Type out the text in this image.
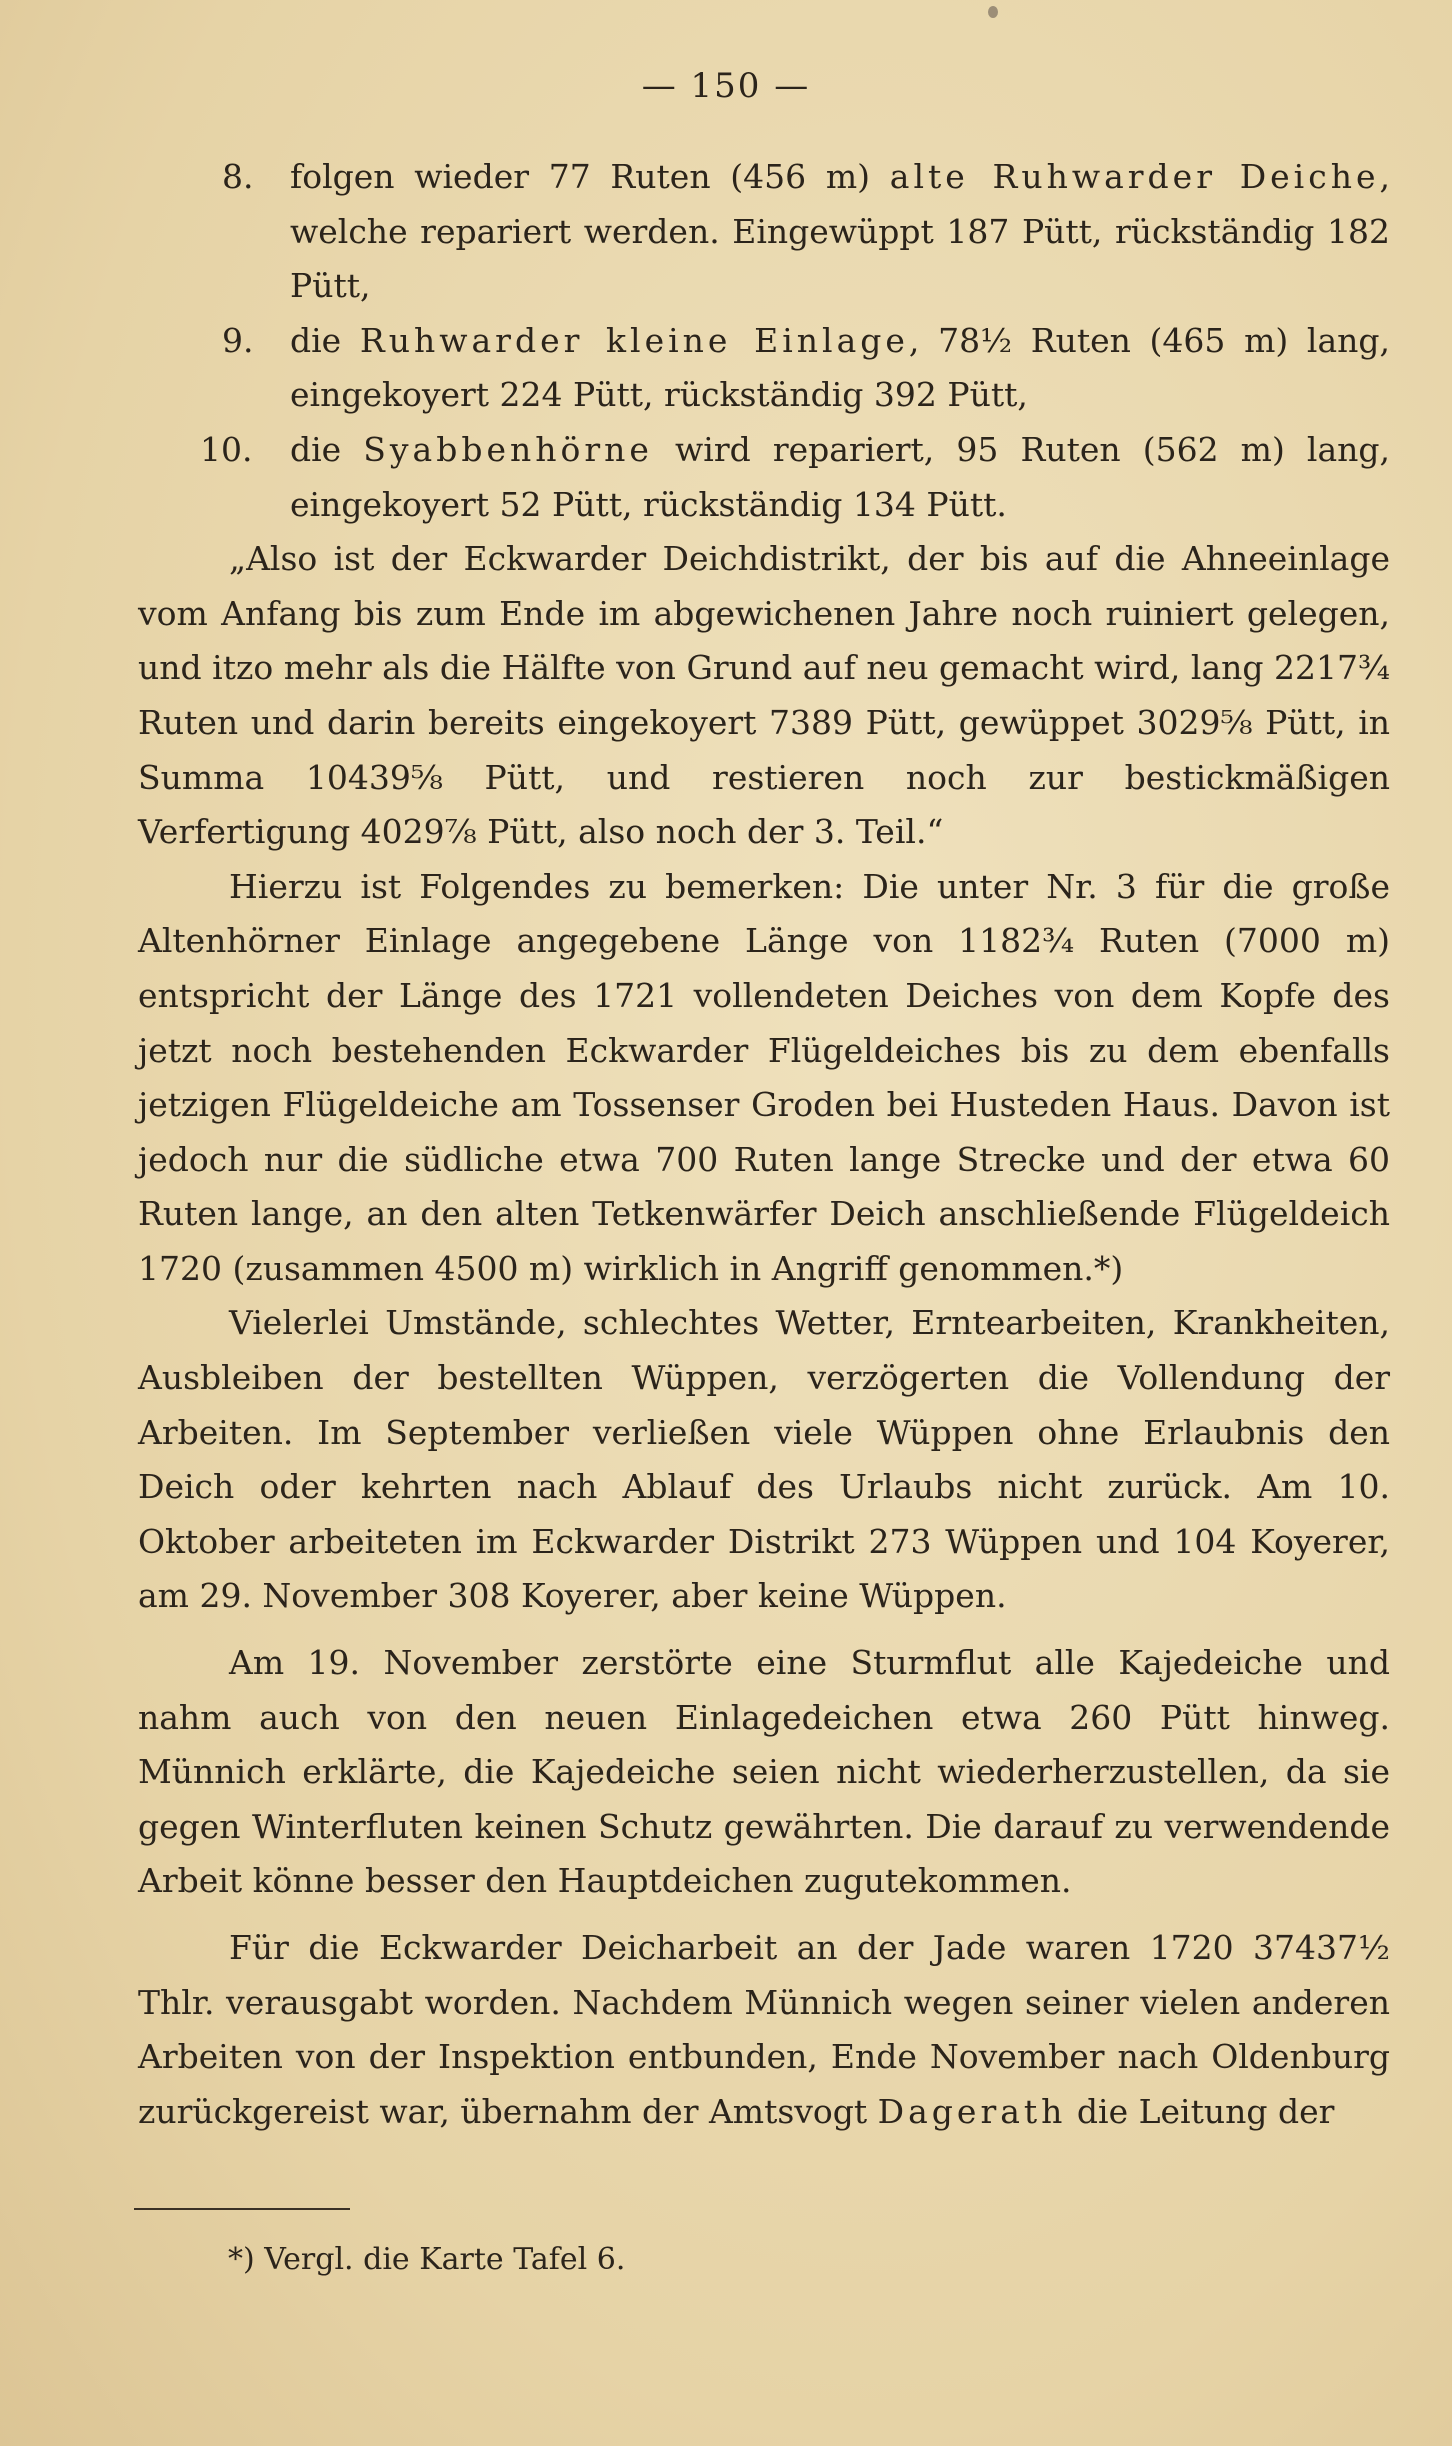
— 150 —

8.	folgen wieder 77 Ruten (456 m) alte Ruhwarder Deiche, welche repariert werden. Eingewüppt 187 Pütt, rückständig 182 Pütt,

9.	die Ruhwarder kleine Einlage, 78½ Ruten (465 m) lang, eingekoyert 224 Pütt, rückständig 392 Pütt,

10. die Syabbenhörne wird repariert, 95 Ruten (562 m) lang, eingekoyert 52 Pütt, rückständig 134 Pütt.

„Also ist der Eckwarder Deichdistrikt, der bis auf die Ahneeinlage vom Anfang bis zum Ende im abgewichenen Jahre noch ruiniert gelegen, und itzo mehr als die Hälfte von Grund auf neu gemacht wird, lang 2217¾ Ruten und darin bereits eingekoyert 7389 Pütt, gewüppet 3029⅝ Pütt, in Summa 10439⅝ Pütt, und restieren noch zur bestickmäßigen Verfertigung 4029⅞ Pütt, also noch der 3. Teil.“

Hierzu ist Folgendes zu bemerken: Die unter Nr. 3 für die große Altenhörner Einlage angegebene Länge von 1182¾ Ruten (7000 m) entspricht der Länge des 1721 vollendeten Deiches von dem Kopfe des jetzt noch bestehenden Eckwarder Flügeldeiches bis zu dem ebenfalls jetzigen Flügeldeiche am Tossenser Groden bei Husteden Haus. Davon ist jedoch nur die südliche etwa 700 Ruten lange Strecke und der etwa 60 Ruten lange, an den alten Tetkenwärfer Deich anschließende Flügeldeich 1720 (zusammen 4500 m) wirklich in Angriff genommen.*)

Vielerlei Umstände, schlechtes Wetter, Erntearbeiten, Krankheiten, Ausbleiben der bestellten Wüppen, verzögerten die Vollendung der Arbeiten. Im September verließen viele Wüppen ohne Erlaubnis den Deich oder kehrten nach Ablauf des Urlaubs nicht zurück. Am 10. Oktober arbeiteten im Eckwarder Distrikt 273 Wüppen und 104 Koyerer, am 29. November 308 Koyerer, aber keine Wüppen.

Am 19. November zerstörte eine Sturmflut alle Kajedeiche und nahm auch von den neuen Einlagedeichen etwa 260 Pütt hinweg. Münnich erklärte, die Kajedeiche seien nicht wiederherzustellen, da sie gegen Winterfluten keinen Schutz gewährten. Die darauf zu verwendende Arbeit könne besser den Hauptdeichen zugutekommen.

Für die Eckwarder Deicharbeit an der Jade waren 1720 37437½ Thlr. verausgabt worden. Nachdem Münnich wegen seiner vielen anderen Arbeiten von der Inspektion entbunden, Ende November nach Oldenburg zurückgereist war, übernahm der Amtsvogt Dagerath die Leitung der

*) Vergl. die Karte Tafel 6.
